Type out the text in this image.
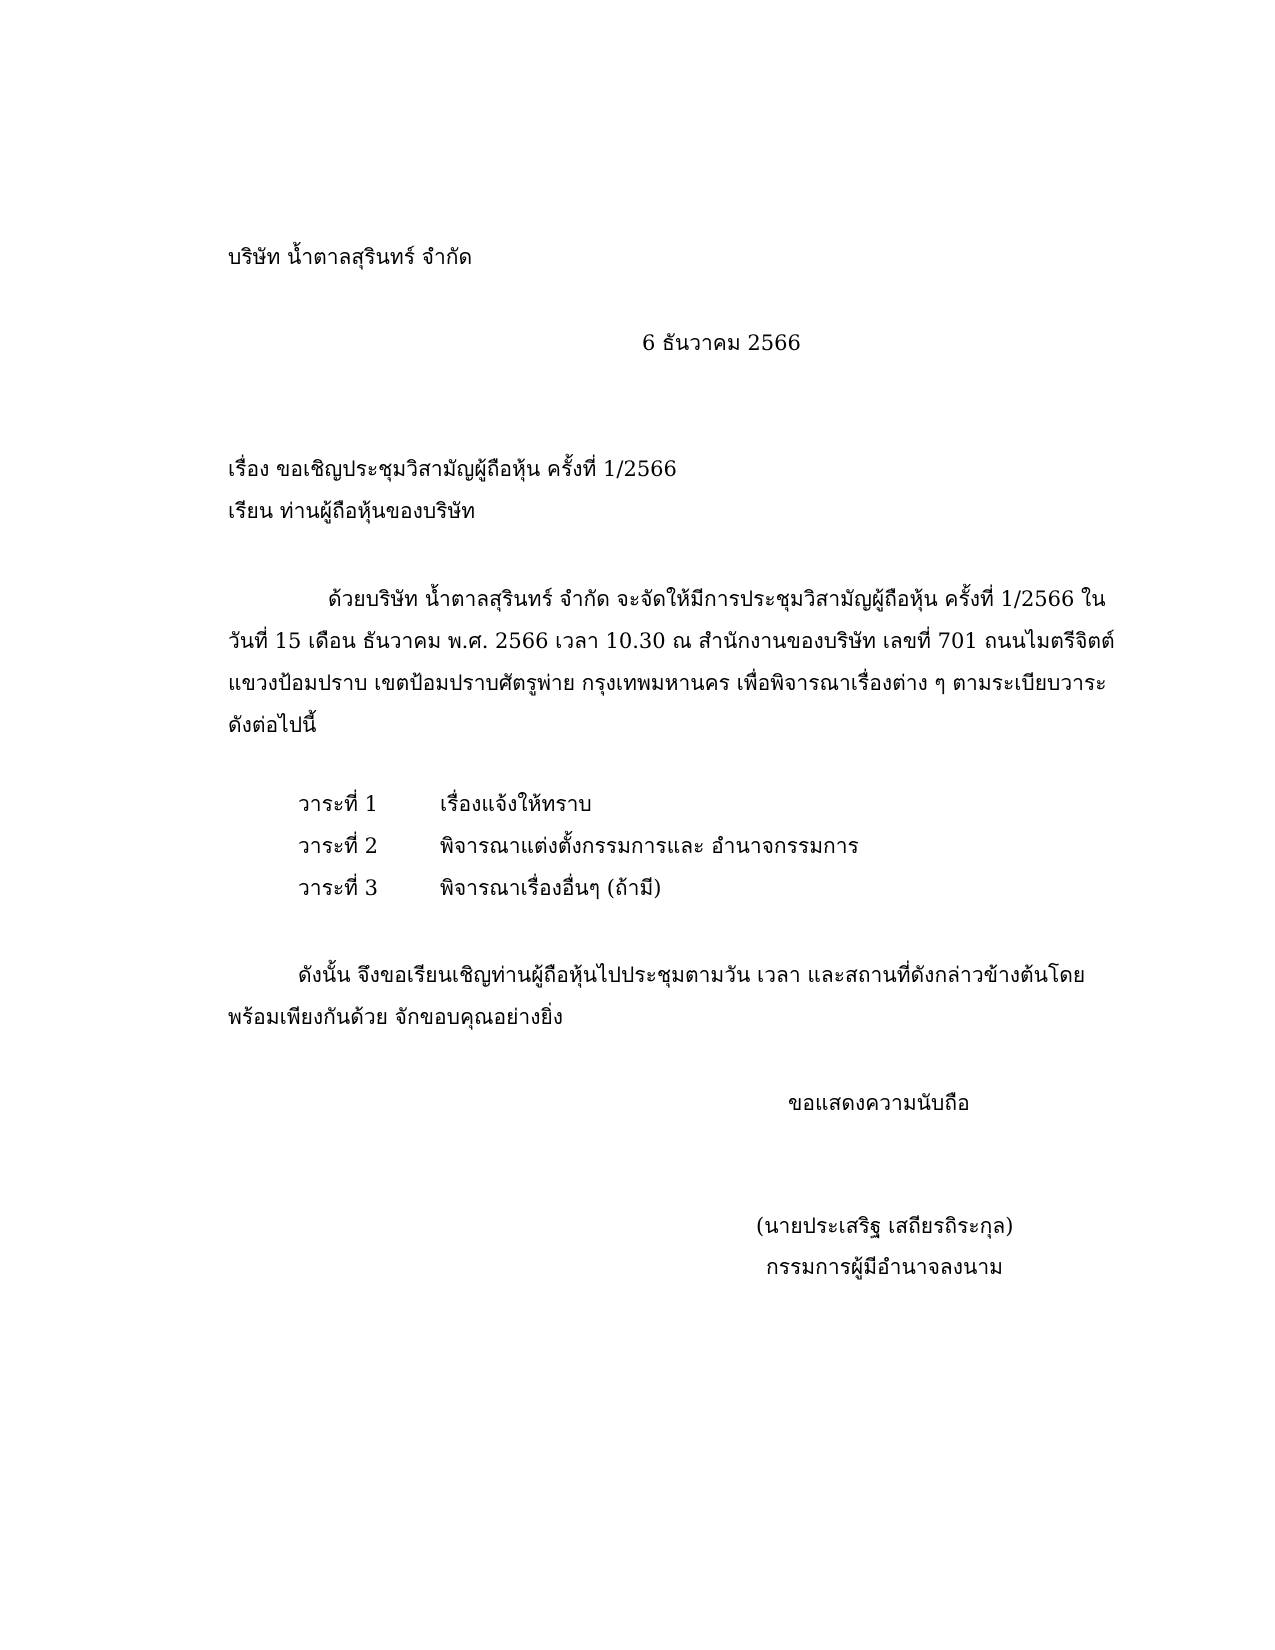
บริษัท น้ำตาลสุรินทร์ จำกัด
6 ธันวาคม 2566
เรื่อง ขอเชิญประชุมวิสามัญผู้ถือหุ้น ครั้งที่ 1/2566
เรียน ท่านผู้ถือหุ้นของบริษัท
ด้วยบริษัท น้ำตาลสุรินทร์ จำกัด จะจัดให้มีการประชุมวิสามัญผู้ถือหุ้น ครั้งที่ 1/2566 ใน
วันที่ 15 เดือน ธันวาคม พ.ศ. 2566 เวลา 10.30 ณ สำนักงานของบริษัท เลขที่ 701 ถนนไมตรีจิตต์
แขวงป้อมปราบ เขตป้อมปราบศัตรูพ่าย กรุงเทพมหานคร เพื่อพิจารณาเรื่องต่าง ๆ ตามระเบียบวาระ
ดังต่อไปนี้
วาระที่ 1	เรื่องแจ้งให้ทราบ
วาระที่ 2	พิจารณาแต่งตั้งกรรมการและ อำนาจกรรมการ
วาระที่ 3	พิจารณาเรื่องอื่นๆ (ถ้ามี)
ดังนั้น จึงขอเรียนเชิญท่านผู้ถือหุ้นไปประชุมตามวัน เวลา และสถานที่ดังกล่าวข้างต้นโดย
พร้อมเพียงกันด้วย จักขอบคุณอย่างยิ่ง
ขอแสดงความนับถือ
(นายประเสริฐ เสถียรถิระกุล)
กรรมการผู้มีอำนาจลงนาม
